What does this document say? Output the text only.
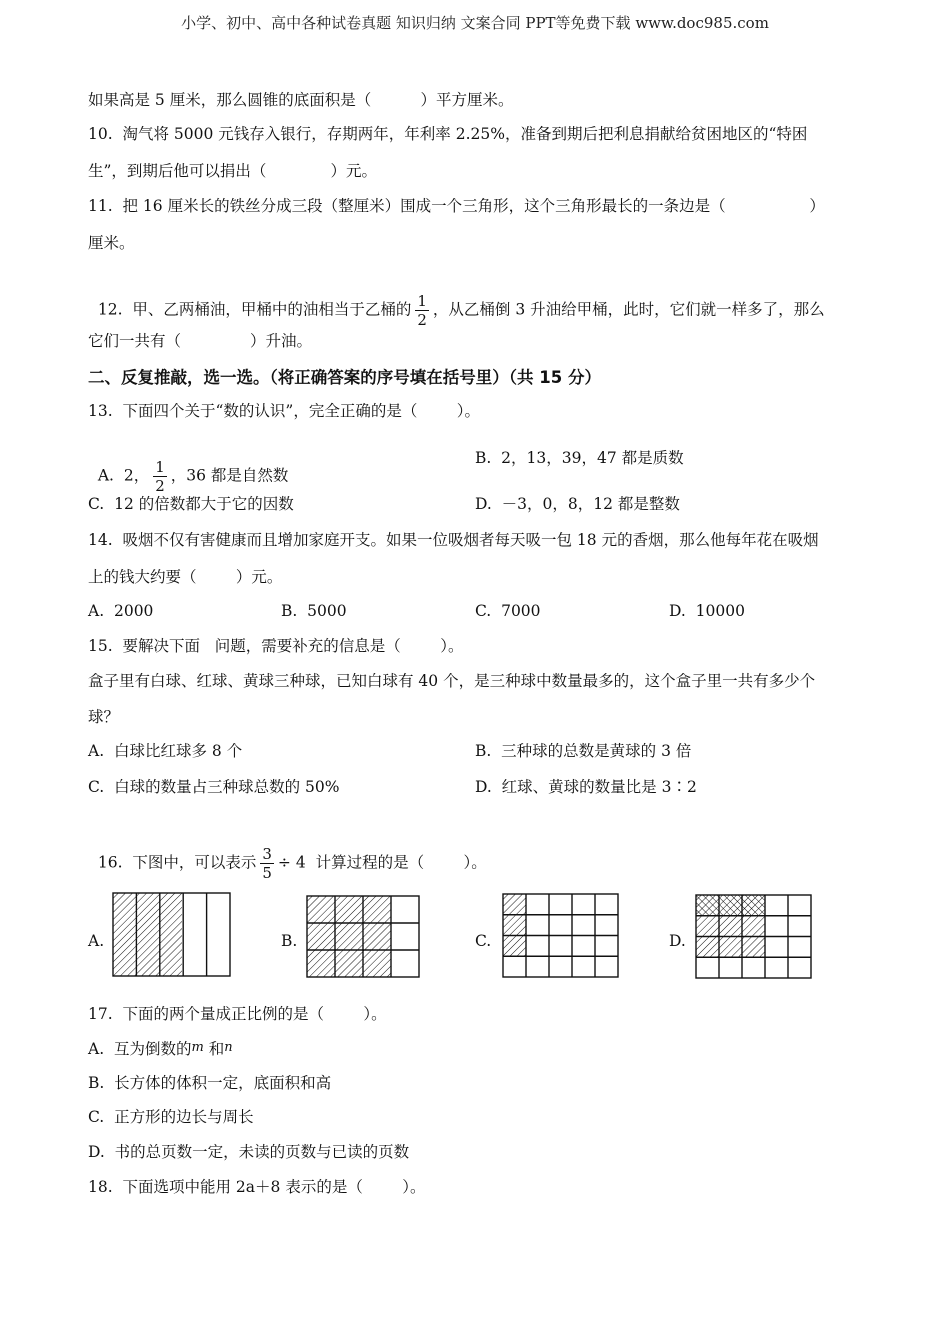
小学、初中、高中各种试卷真题 知识归纳 文案合同 PPT等免费下载 www.doc985.com
如果高是 5 厘米，那么圆锥的底面积是（          ）平方厘米。
10.  淘气将 5000 元钱存入银行，存期两年，年利率 2.25%，准备到期后把利息捐献给贫困地区的“特困
生”，到期后他可以捐出（             ）元。
11.  把 16 厘米长的铁丝分成三段（整厘米）围成一个三角形，这个三角形最长的一条边是（                 ）
厘米。

12.  甲、乙两桶油，甲桶中的油相当于乙桶的 $\frac{1}{2}$ ，从乙桶倒 3 升油给甲桶，此时，它们就一样多了，那么

它们一共有（              ）升油。
二、反复推敲，选一选。（将正确答案的序号填在括号里）（共 15 分）
13.  下面四个关于“数的认识”，完全正确的是（        ）。

A.  2， $\frac{1}{2}$ ，36 都是自然数

B.  2，13，39，47 都是质数
C.  12 的倍数都大于它的因数	D.  －3，0，8，12 都是整数
14.  吸烟不仅有害健康而且增加家庭开支。如果一位吸烟者每天吸一包 18 元的香烟，那么他每年花在吸烟
上的钱大约要（        ）元。
A.  2000	B.  5000	C.  7000	D.  10000
15.  要解决下面   问题，需要补充的信息是（        ）。
盒子里有白球、红球、黄球三种球，已知白球有 40 个，是三种球中数量最多的，这个盒子里一共有多少个
球？
A.  白球比红球多 8 个	B.  三种球的总数是黄球的 3 倍
C.  白球的数量占三种球总数的 50%	D.  红球、黄球的数量比是 3∶2

16.  下图中，可以表示 $\frac{3}{5} \div 4$ 计算过程的是（        ）。

A.	B.	C.	D.
17.  下面的两个量成正比例的是（        ）。
A.  互为倒数的m 和n
B.  长方体的体积一定，底面积和高
C.  正方形的边长与周长
D.  书的总页数一定，未读的页数与已读的页数
18.  下面选项中能用 2a＋8 表示的是（        ）。
